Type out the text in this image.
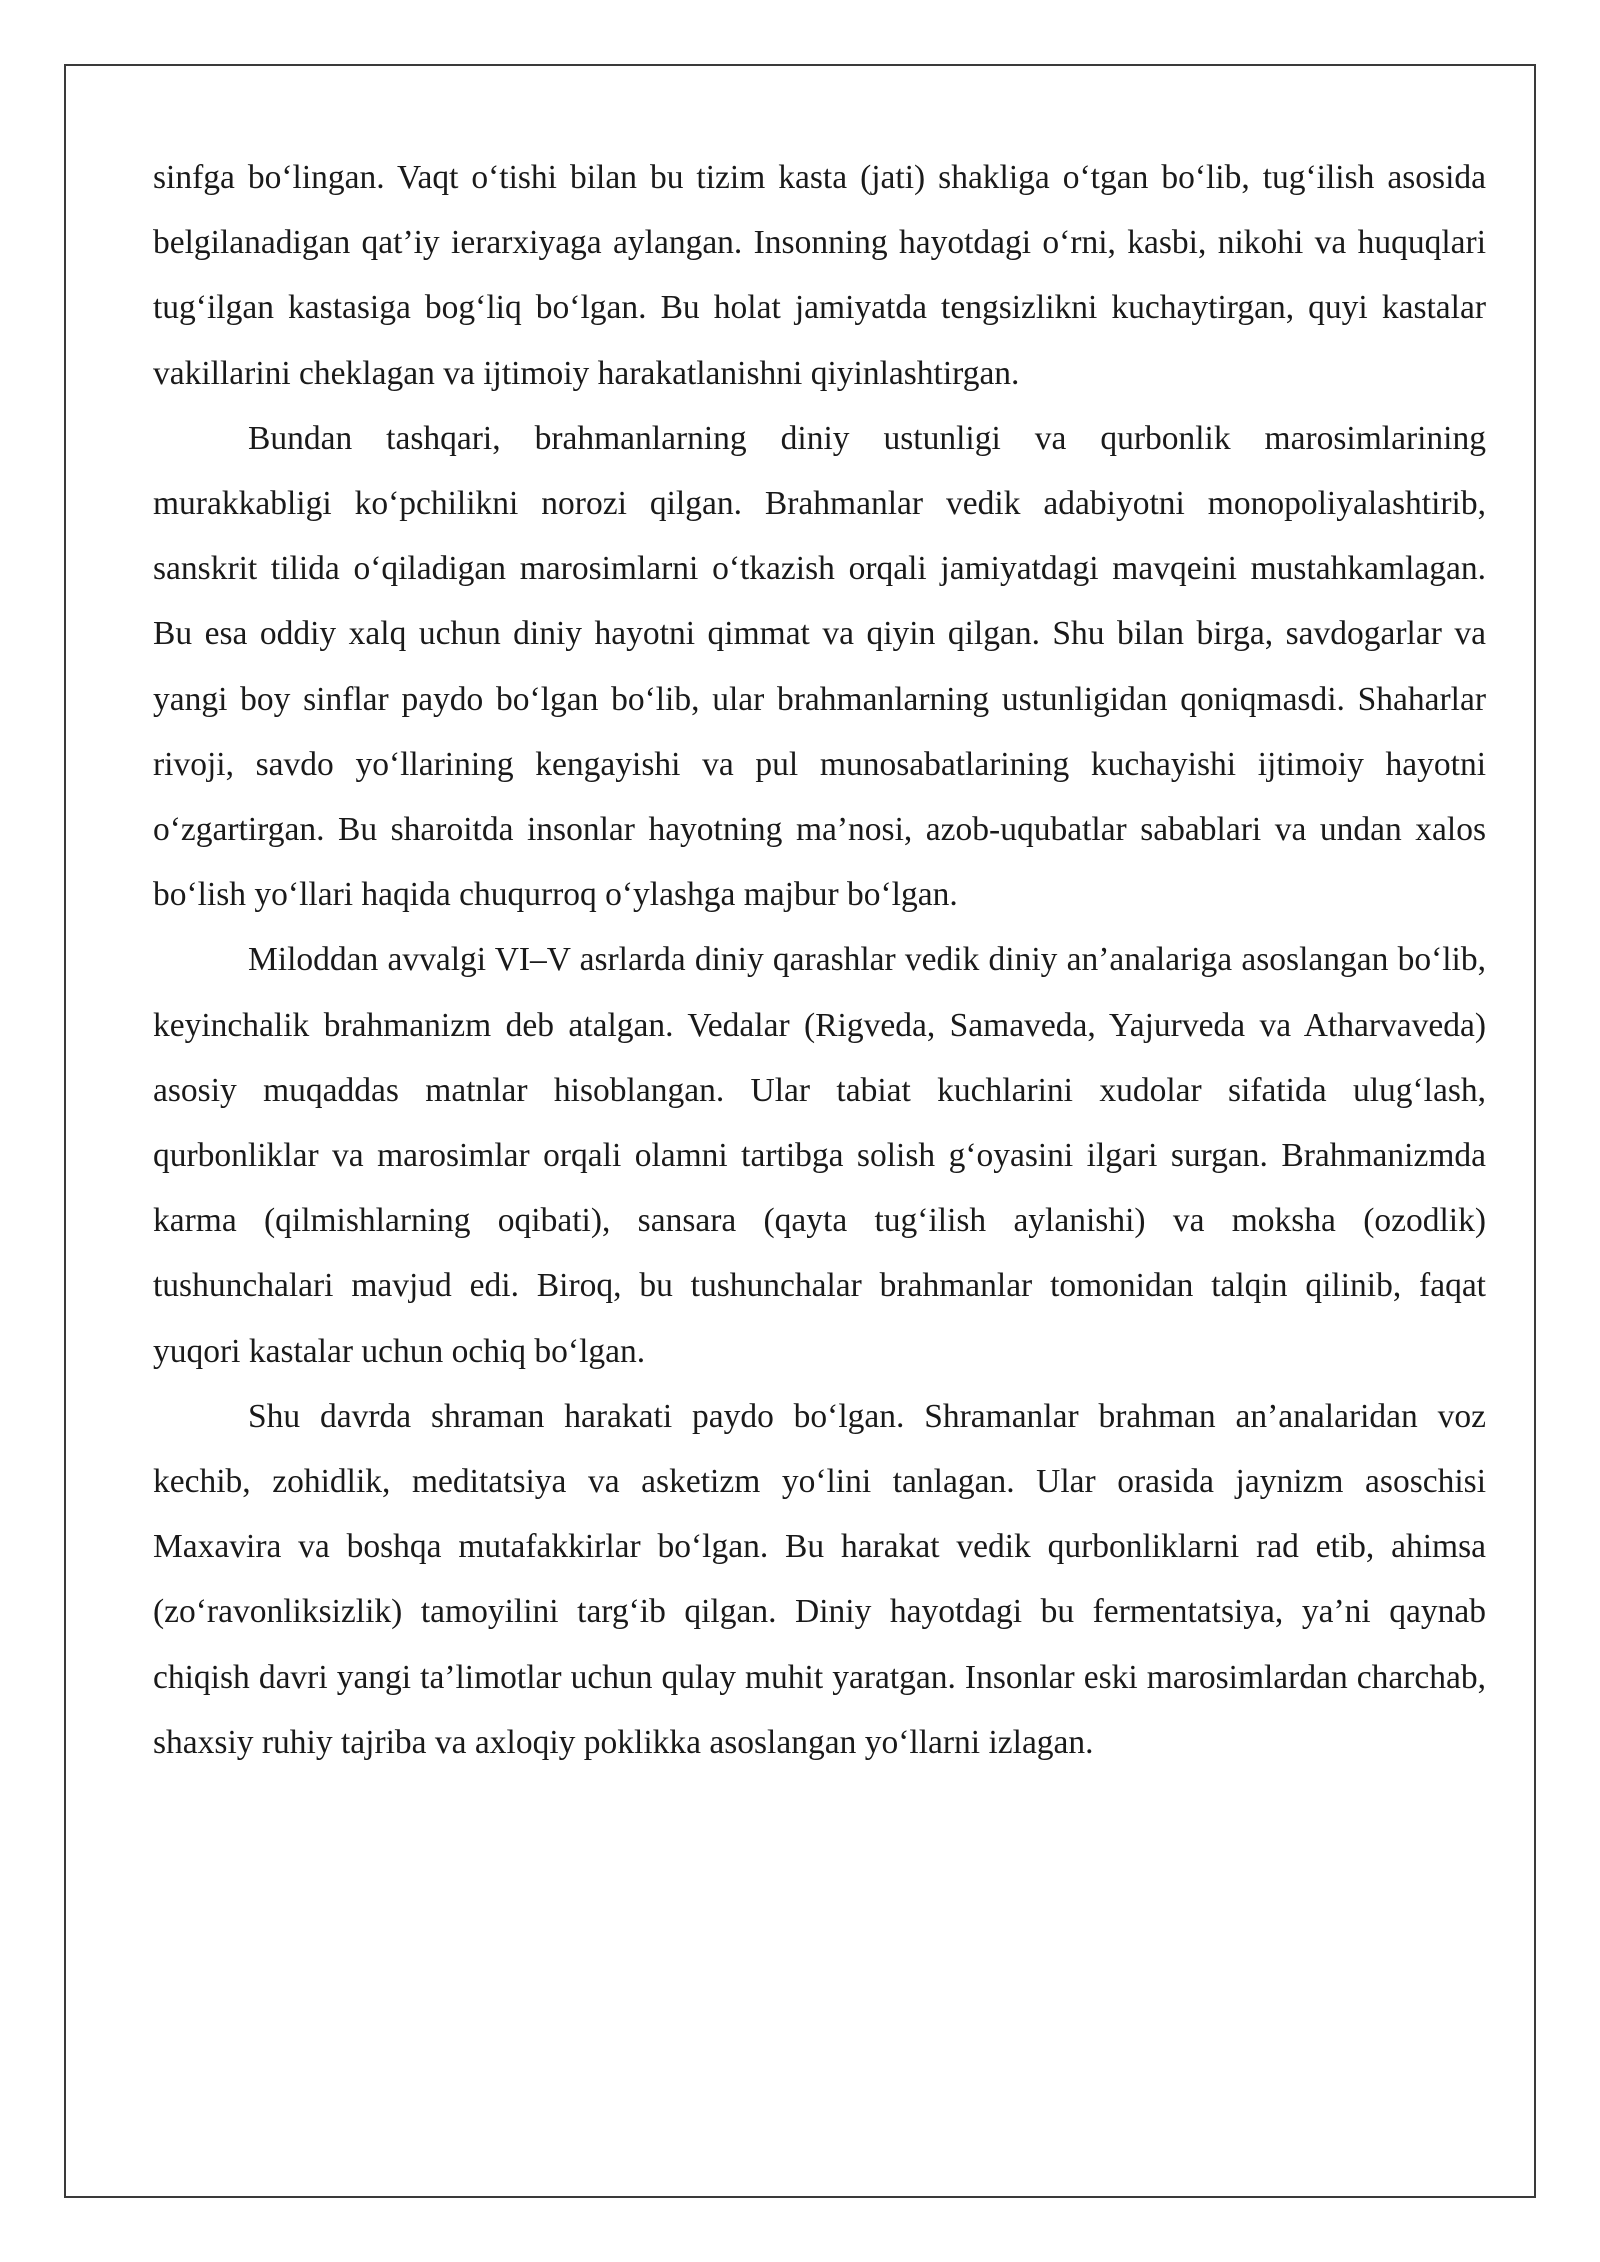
sinfga bo‘lingan. Vaqt o‘tishi bilan bu tizim kasta (jati) shakliga o‘tgan bo‘lib, tug‘ilish asosida belgilanadigan qat’iy ierarxiyaga aylangan. Insonning hayotdagi o‘rni, kasbi, nikohi va huquqlari tug‘ilgan kastasiga bog‘liq bo‘lgan. Bu holat jamiyatda tengsizlikni kuchaytirgan, quyi kastalar vakillarini cheklagan va ijtimoiy harakatlanishni qiyinlashtirgan.

Bundan tashqari, brahmanlarning diniy ustunligi va qurbonlik marosimlarining murakkabligi ko‘pchilikni norozi qilgan. Brahmanlar vedik adabiyotni monopoliyalashtirib, sanskrit tilida o‘qiladigan marosimlarni o‘tkazish orqali jamiyatdagi mavqeini mustahkamlagan. Bu esa oddiy xalq uchun diniy hayotni qimmat va qiyin qilgan. Shu bilan birga, savdogarlar va yangi boy sinflar paydo bo‘lgan bo‘lib, ular brahmanlarning ustunligidan qoniqmasdi. Shaharlar rivoji, savdo yo‘llarining kengayishi va pul munosabatlarining kuchayishi ijtimoiy hayotni o‘zgartirgan. Bu sharoitda insonlar hayotning ma’nosi, azob-uqubatlar sabablari va undan xalos bo‘lish yo‘llari haqida chuqurroq o‘ylashga majbur bo‘lgan.

Miloddan avvalgi VI–V asrlarda diniy qarashlar vedik diniy an’analariga asoslangan bo‘lib, keyinchalik brahmanizm deb atalgan. Vedalar (Rigveda, Samaveda, Yajurveda va Atharvaveda) asosiy muqaddas matnlar hisoblangan. Ular tabiat kuchlarini xudolar sifatida ulug‘lash, qurbonliklar va marosimlar orqali olamni tartibga solish g‘oyasini ilgari surgan. Brahmanizmda karma (qilmishlarning oqibati), sansara (qayta tug‘ilish aylanishi) va moksha (ozodlik) tushunchalari mavjud edi. Biroq, bu tushunchalar brahmanlar tomonidan talqin qilinib, faqat yuqori kastalar uchun ochiq bo‘lgan.

Shu davrda shraman harakati paydo bo‘lgan. Shramanlar brahman an’analaridan voz kechib, zohidlik, meditatsiya va asketizm yo‘lini tanlagan. Ular orasida jaynizm asoschisi Maxavira va boshqa mutafakkirlar bo‘lgan. Bu harakat vedik qurbonliklarni rad etib, ahimsa (zo‘ravonliksizlik) tamoyilini targ‘ib qilgan. Diniy hayotdagi bu fermentatsiya, ya’ni qaynab chiqish davri yangi ta’limotlar uchun qulay muhit yaratgan. Insonlar eski marosimlardan charchab, shaxsiy ruhiy tajriba va axloqiy poklikka asoslangan yo‘llarni izlagan.
